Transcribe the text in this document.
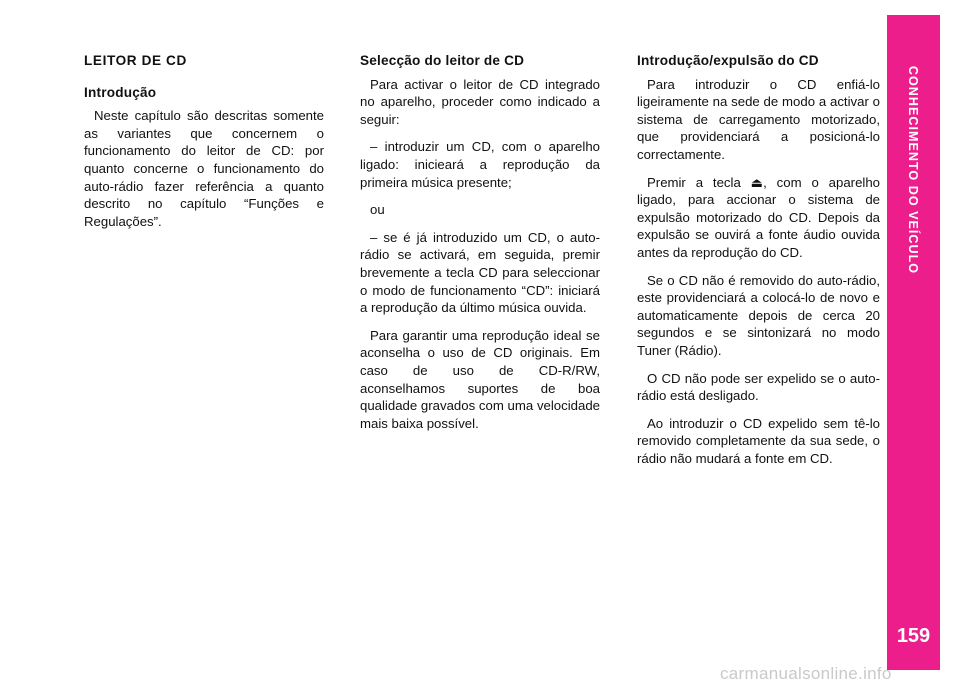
LEITOR DE CD
Introdução

Neste capítulo são descritas somente as variantes que concernem o funcionamento do leitor de CD: por quanto concerne o funcionamento do auto-rádio fazer referência a quanto descrito no capítulo “Funções e Regulações”.

Selecção do leitor de CD

Para activar o leitor de CD integrado no aparelho, proceder como indicado a seguir:

– introduzir um CD, com o aparelho ligado: inicieará a reprodução da primeira música presente;

ou

– se é já introduzido um CD, o auto-rádio se activará, em seguida, premir brevemente a tecla CD para seleccionar o modo de funcionamento “CD”: iniciará a reprodução da último música ouvida.

Para garantir uma reprodução ideal se aconselha o uso de CD originais. Em caso de uso de CD-R/RW, aconselhamos suportes de boa qualidade gravados com uma velocidade mais baixa possível.

Introdução/expulsão do CD

Para introduzir o CD enfiá-lo ligeiramente na sede de modo a activar o sistema de carregamento motorizado, que providenciará a posicioná-lo correctamente.

Premir a tecla ⏏, com o aparelho ligado, para accionar o sistema de expulsão motorizado do CD. Depois da expulsão se ouvirá a fonte áudio ouvida antes da reprodução do CD.

Se o CD não é removido do auto-rádio, este providenciará a colocá-lo de novo e automaticamente depois de cerca 20 segundos e se sintonizará no modo Tuner (Rádio).

O CD não pode ser expelido se o auto-rádio está desligado.

Ao introduzir o CD expelido sem tê-lo removido completamente da sua sede, o rádio não mudará a fonte em CD.

CONHECIMENTO DO VEÍCULO
159
carmanualsonline.info
